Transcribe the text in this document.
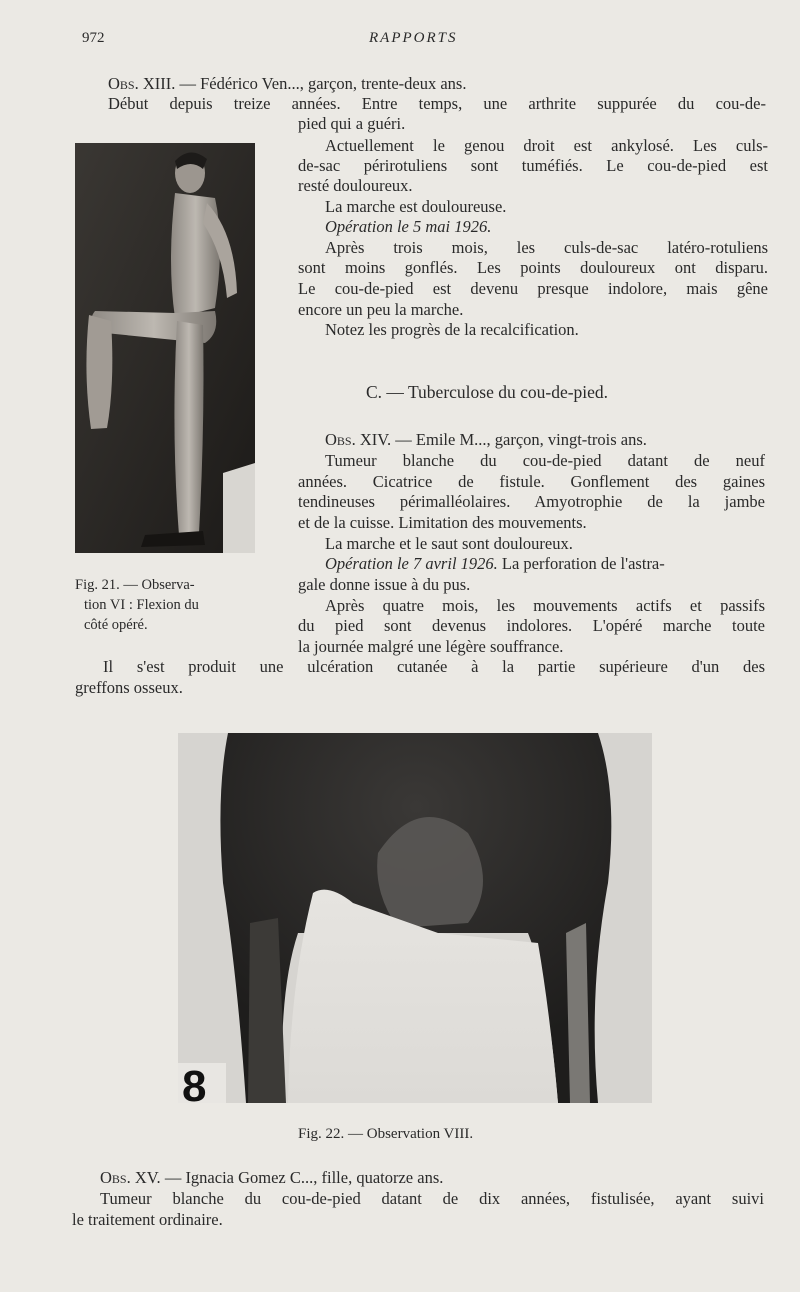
972	RAPPORTS
Obs. XIII. — Fédérico Ven..., garçon, trente-deux ans.
Début depuis treize années. Entre temps, une arthrite suppurée du cou-de-
pied qui a guéri.
Actuellement le genou droit est ankylosé. Les culs-
de-sac périrotuliens sont tuméfiés. Le cou-de-pied est
resté douloureux.
La marche est douloureuse.
Opération le 5 mai 1926.
Après trois mois, les culs-de-sac latéro-rotuliens
sont moins gonflés. Les points douloureux ont disparu.
Le cou-de-pied est devenu presque indolore, mais gêne
encore un peu la marche.
Notez les progrès de la recalcification.
C. — Tuberculose du cou-de-pied.
Obs. XIV. — Emile M..., garçon, vingt-trois ans.
Tumeur blanche du cou-de-pied datant de neuf
années. Cicatrice de fistule. Gonflement des gaines
tendineuses périmalléolaires. Amyotrophie de la jambe
et de la cuisse. Limitation des mouvements.
La marche et le saut sont douloureux.
Opération le 7 avril 1926. La perforation de l'astra-
gale donne issue à du pus.
Après quatre mois, les mouvements actifs et passifs
du pied sont devenus indolores. L'opéré marche toute
la journée malgré une légère souffrance.
Il s'est produit une ulcération cutanée à la partie supérieure d'un des
greffons osseux.
Fig. 21. — Observa-
tion VI : Flexion du
côté opéré.
8
Fig. 22. — Observation VIII.
Obs. XV. — Ignacia Gomez C..., fille, quatorze ans.
Tumeur blanche du cou-de-pied datant de dix années, fistulisée, ayant suivi
le traitement ordinaire.
